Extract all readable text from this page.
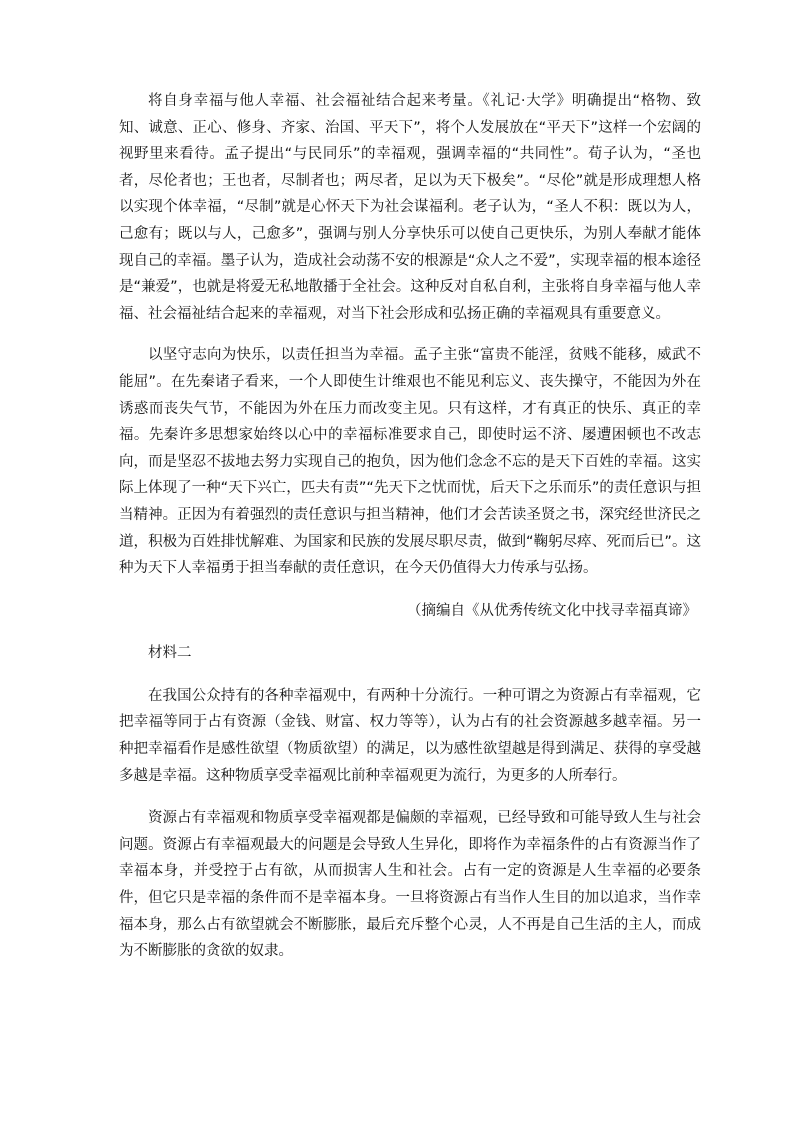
将自身幸福与他人幸福、社会福祉结合起来考量。《礼记·大学》明确提出“格物、致知、诚意、正心、修身、齐家、治国、平天下”，将个人发展放在“平天下”这样一个宏阔的视野里来看待。孟子提出“与民同乐”的幸福观，强调幸福的“共同性”。荀子认为，“圣也者，尽伦者也；王也者，尽制者也；两尽者，足以为天下极矣”。“尽伦”就是形成理想人格以实现个体幸福，“尽制”就是心怀天下为社会谋福利。老子认为，“圣人不积：既以为人，己愈有；既以与人，己愈多”，强调与别人分享快乐可以使自己更快乐，为别人奉献才能体现自己的幸福。墨子认为，造成社会动荡不安的根源是“众人之不爱”，实现幸福的根本途径是“兼爱”，也就是将爱无私地散播于全社会。这种反对自私自利，主张将自身幸福与他人幸福、社会福祉结合起来的幸福观，对当下社会形成和弘扬正确的幸福观具有重要意义。

以坚守志向为快乐，以责任担当为幸福。孟子主张“富贵不能淫，贫贱不能移，威武不能屈”。在先秦诸子看来，一个人即使生计维艰也不能见利忘义、丧失操守，不能因为外在诱惑而丧失气节，不能因为外在压力而改变主见。只有这样，才有真正的快乐、真正的幸福。先秦许多思想家始终以心中的幸福标准要求自己，即使时运不济、屡遭困顿也不改志向，而是坚忍不拔地去努力实现自己的抱负，因为他们念念不忘的是天下百姓的幸福。这实际上体现了一种“天下兴亡，匹夫有责”“先天下之忧而忧，后天下之乐而乐”的责任意识与担当精神。正因为有着强烈的责任意识与担当精神，他们才会苦读圣贤之书，深究经世济民之道，积极为百姓排忧解难、为国家和民族的发展尽职尽责，做到“鞠躬尽瘁、死而后已”。这种为天下人幸福勇于担当奉献的责任意识，在今天仍值得大力传承与弘扬。

（摘编自《从优秀传统文化中找寻幸福真谛》

材料二

在我国公众持有的各种幸福观中，有两种十分流行。一种可谓之为资源占有幸福观，它把幸福等同于占有资源（金钱、财富、权力等等），认为占有的社会资源越多越幸福。另一种把幸福看作是感性欲望（物质欲望）的满足，以为感性欲望越是得到满足、获得的享受越多越是幸福。这种物质享受幸福观比前种幸福观更为流行，为更多的人所奉行。

资源占有幸福观和物质享受幸福观都是偏颇的幸福观，已经导致和可能导致人生与社会问题。资源占有幸福观最大的问题是会导致人生异化，即将作为幸福条件的占有资源当作了幸福本身，并受控于占有欲，从而损害人生和社会。占有一定的资源是人生幸福的必要条件，但它只是幸福的条件而不是幸福本身。一旦将资源占有当作人生目的加以追求，当作幸福本身，那么占有欲望就会不断膨胀，最后充斥整个心灵，人不再是自己生活的主人，而成为不断膨胀的贪欲的奴隶。
